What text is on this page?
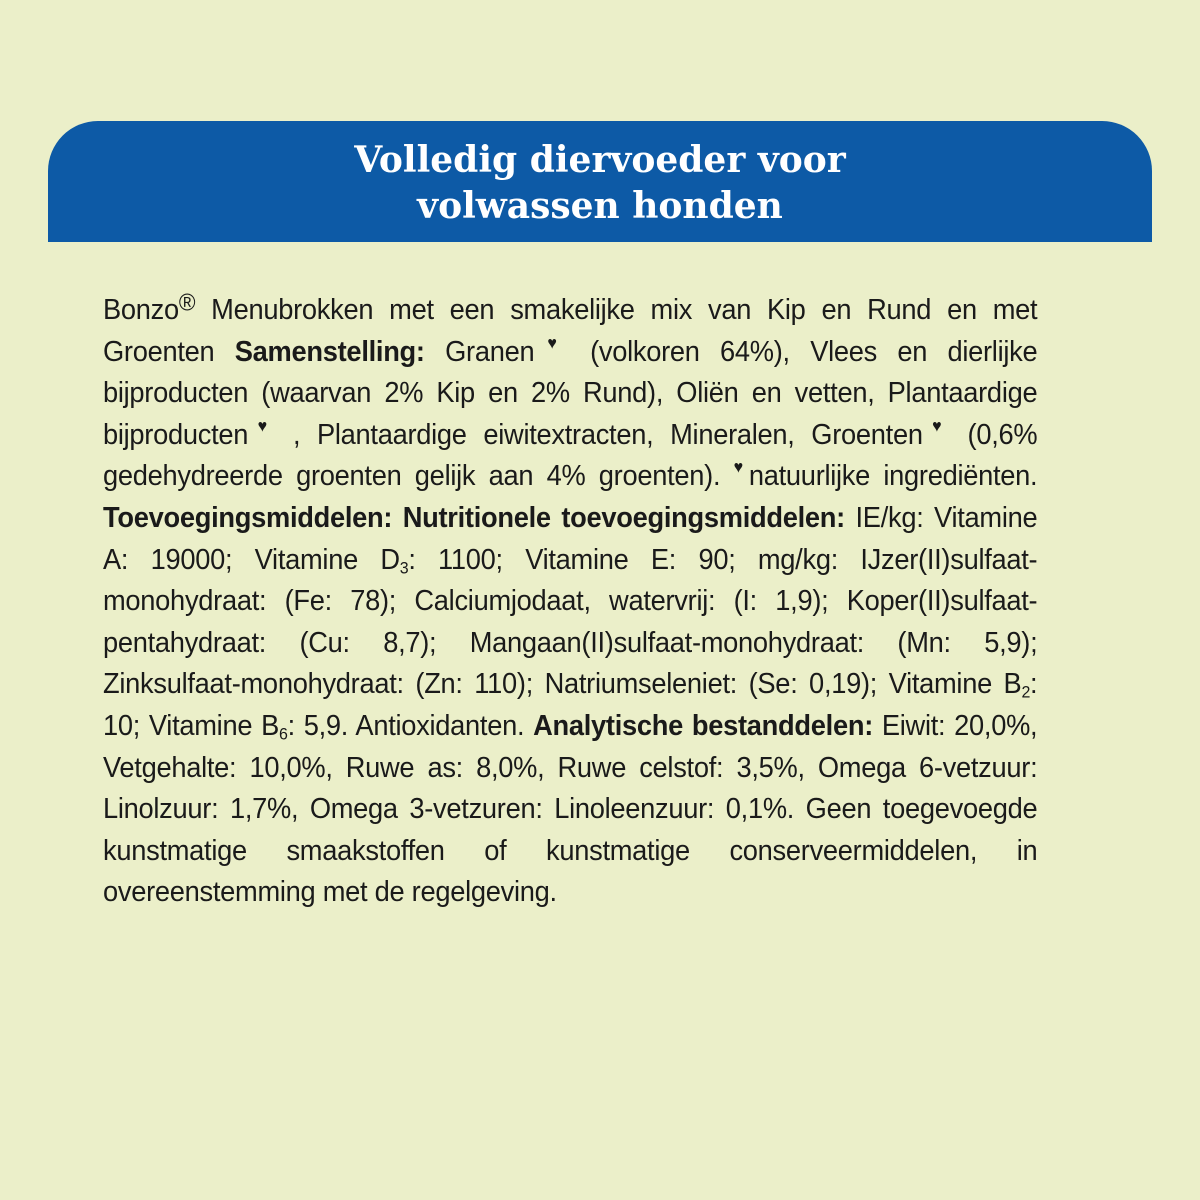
Volledig diervoeder voor
volwassen honden
Bonzo® Menubrokken met een smakelijke mix van Kip en Rund en met Groenten Samenstelling: Granen♥ (volkoren 64%), Vlees en dierlijke bijproducten (waarvan 2% Kip en 2% Rund), Oliën en vetten, Plantaardige bijproducten♥ , Plantaardige eiwitextracten, Mineralen, Groenten♥ (0,6% gedehydreerde groenten gelijk aan 4% groenten). ♥natuurlijke ingrediënten. Toevoegingsmiddelen: Nutritionele toevoegingsmiddelen: IE/kg: Vitamine A: 19000; Vitamine $D_3$: 1100; Vitamine E: 90; mg/kg: IJzer(II)sulfaat-monohydraat: (Fe: 78); Calciumjodaat, watervrij: (I: 1,9); Koper(II)sulfaat-pentahydraat: (Cu: 8,7); Mangaan(II)sulfaat-monohydraat: (Mn: 5,9); Zinksulfaat-monohydraat: (Zn: 110); Natriumseleniet: (Se: 0,19); Vitamine $B_2$: 10; Vitamine $B_6$: 5,9. Antioxidanten. Analytische bestanddelen: Eiwit: 20,0%, Vetgehalte: 10,0%, Ruwe as: 8,0%, Ruwe celstof: 3,5%, Omega 6-vetzuur: Linolzuur: 1,7%, Omega 3-vetzuren: Linoleenzuur: 0,1%. Geen toegevoegde kunstmatige smaakstoffen of kunstmatige conserveermiddelen, in overeenstemming met de regelgeving.
